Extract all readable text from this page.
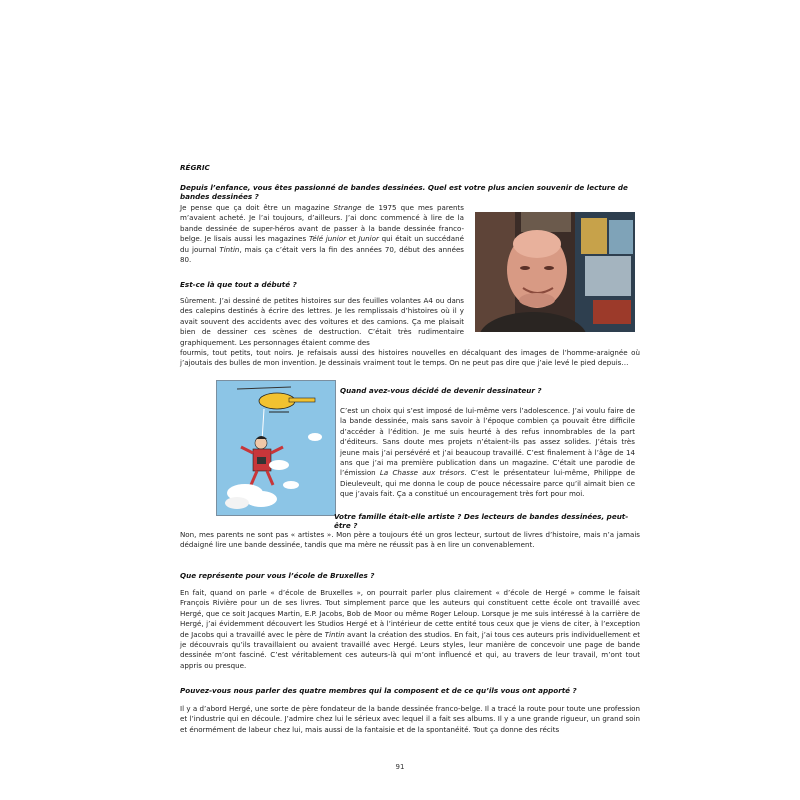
RÉGRIC

Depuis l’enfance, vous êtes passionné de bandes dessinées. Quel est votre plus ancien souvenir de lecture de bandes dessinées ?

Je pense que ça doit être un magazine Strange de 1975 que mes parents m’avaient acheté. Je l’ai toujours, d’ailleurs. J’ai donc commencé à lire de la bande dessinée de super-héros avant de passer à la bande dessinée franco-belge. Je lisais aussi les magazines Télé junior et Junior qui était un succédané du journal Tintin, mais ça c’était vers la fin des années 70, début des années 80.

Est-ce là que tout a débuté ?

Sûrement. J’ai dessiné de petites histoires sur des feuilles volantes A4 ou dans des calepins destinés à écrire des lettres. Je les remplissais d’histoires où il y avait souvent des accidents avec des voitures et des camions. Ça me plaisait bien de dessiner ces scènes de destruction. C’était très rudimentaire graphiquement. Les personnages étaient comme des

fourmis, tout petits, tout noirs. Je refaisais aussi des histoires nouvelles en décalquant des images de l’homme-araignée où j’ajoutais des bulles de mon invention. Je dessinais vraiment tout le temps. On ne peut pas dire que j’aie levé le pied depuis…

Quand avez-vous décidé de devenir dessinateur ?

C’est un choix qui s’est imposé de lui-même vers l’adolescence. J’ai voulu faire de la bande dessinée, mais sans savoir à l’époque combien ça pouvait être difficile d’accéder à l’édition. Je me suis heurté à des refus innombrables de la part d’éditeurs. Sans doute mes projets n’étaient-ils pas assez solides. J’étais très jeune mais j’ai persévéré et j’ai beaucoup travaillé. C’est finalement à l’âge de 14 ans que j’ai ma première publication dans un magazine. C’était une parodie de l’émission La Chasse aux trésors. C’est le présentateur lui-même, Philippe de Dieuleveult, qui me donna le coup de pouce nécessaire parce qu’il aimait bien ce que j’avais fait. Ça a constitué un encouragement très fort pour moi.

Votre famille était-elle artiste ? Des lecteurs de bandes dessinées, peut-être ?

Non, mes parents ne sont pas « artistes ». Mon père a toujours été un gros lecteur, surtout de livres d’histoire, mais n’a jamais dédaigné lire une bande dessinée, tandis que ma mère ne réussit pas à en lire un convenablement.

Que représente pour vous l’école de Bruxelles ?

En fait, quand on parle « d’école de Bruxelles », on pourrait parler plus clairement « d’école de Hergé » comme le faisait François Rivière pour un de ses livres. Tout simplement parce que les auteurs qui constituent cette école ont travaillé avec Hergé, que ce soit Jacques Martin, E.P. Jacobs, Bob de Moor ou même Roger Leloup. Lorsque je me suis intéressé à la carrière de Hergé, j’ai évidemment découvert les Studios Hergé et à l’intérieur de cette entité tous ceux que je viens de citer, à l’exception de Jacobs qui a travaillé avec le père de Tintin avant la création des studios. En fait, j’ai tous ces auteurs pris individuellement et je découvrais qu’ils travaillaient ou avaient travaillé avec Hergé. Leurs styles, leur manière de concevoir une page de bande dessinée m’ont fasciné. C’est véritablement ces auteurs-là qui m’ont influencé et qui, au travers de leur travail, m’ont tout appris ou presque.

Pouvez-vous nous parler des quatre membres qui la composent et de ce qu’ils vous ont apporté ?

Il y a d’abord Hergé, une sorte de père fondateur de la bande dessinée franco-belge. Il a tracé la route pour toute une profession et l’industrie qui en découle. J’admire chez lui le sérieux avec lequel il a fait ses albums. Il y a une grande rigueur, un grand soin et énormément de labeur chez lui, mais aussi de la fantaisie et de la spontanéité. Tout ça donne des récits

91
